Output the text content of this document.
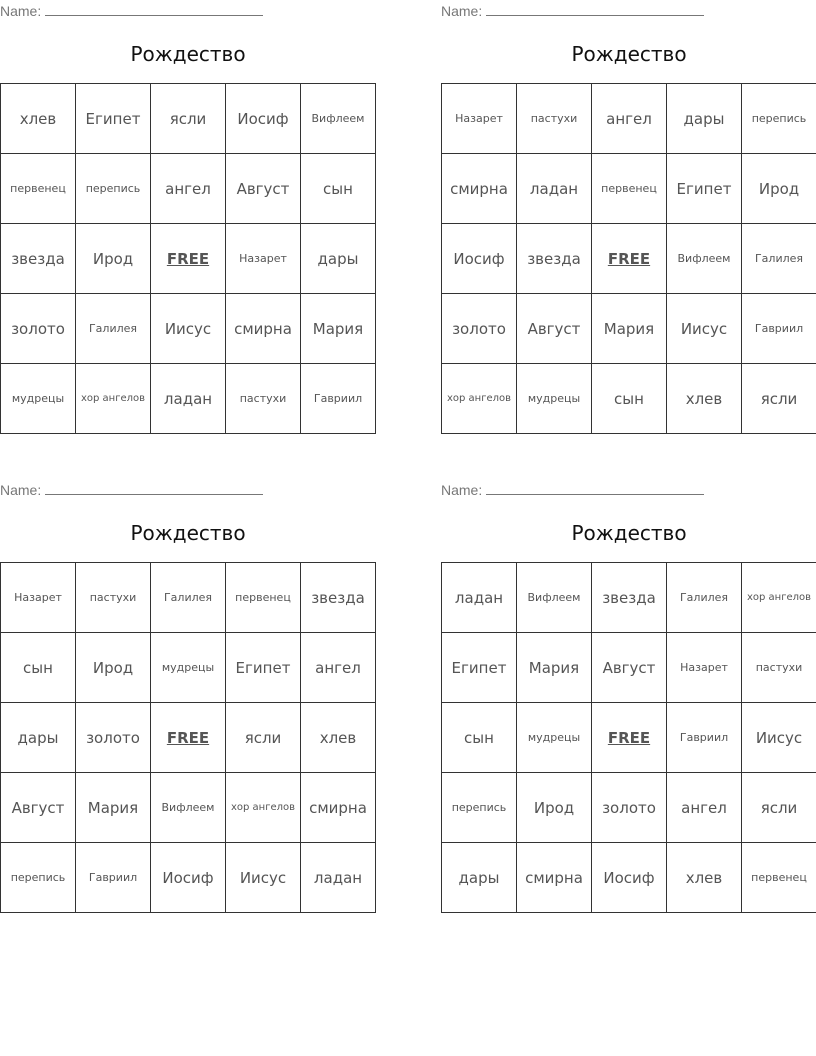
Name:
Рождество
хлев	Египет	ясли	Иосиф	Вифлеем
первенец	перепись	ангел	Август	сын
звезда	Ирод	FREE	Назарет	дары
золото	Галилея	Иисус	смирна	Мария
мудрецы	хор ангелов	ладан	пастухи	Гавриил
Name:
Рождество
Назарет	пастухи	ангел	дары	перепись
смирна	ладан	первенец	Египет	Ирод
Иосиф	звезда	FREE	Вифлеем	Галилея
золото	Август	Мария	Иисус	Гавриил
хор ангелов	мудрецы	сын	хлев	ясли
Name:
Рождество
Назарет	пастухи	Галилея	первенец	звезда
сын	Ирод	мудрецы	Египет	ангел
дары	золото	FREE	ясли	хлев
Август	Мария	Вифлеем	хор ангелов	смирна
перепись	Гавриил	Иосиф	Иисус	ладан
Name:
Рождество
ладан	Вифлеем	звезда	Галилея	хор ангелов
Египет	Мария	Август	Назарет	пастухи
сын	мудрецы	FREE	Гавриил	Иисус
перепись	Ирод	золото	ангел	ясли
дары	смирна	Иосиф	хлев	первенец
